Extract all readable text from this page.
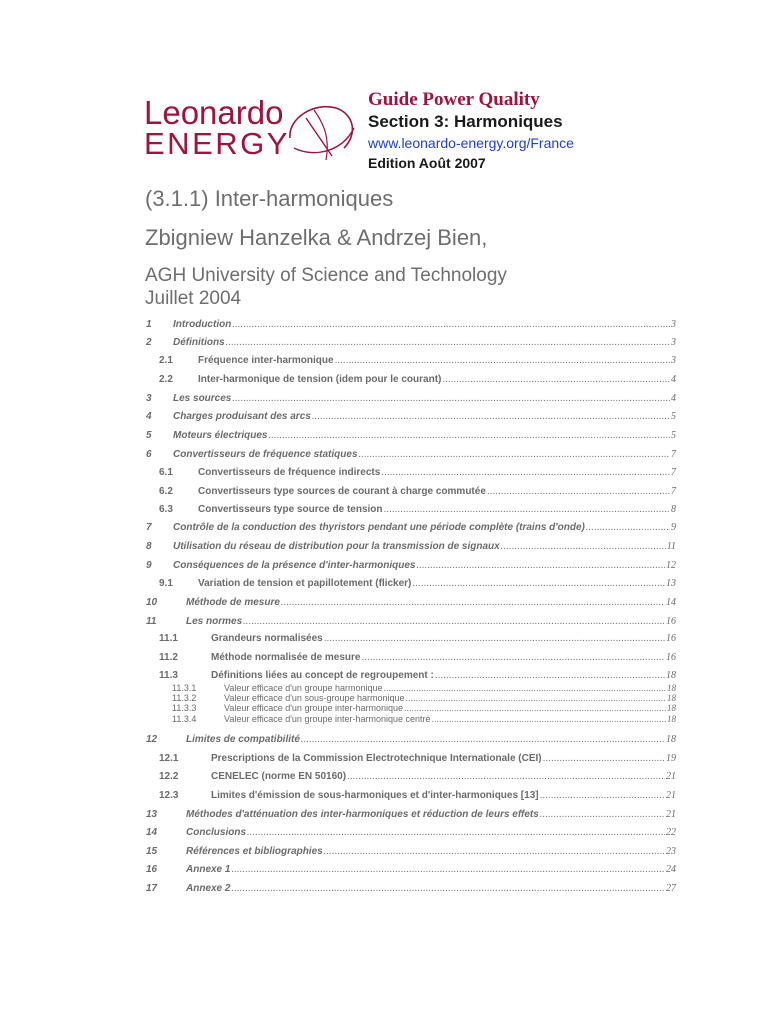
Leonardo
ENERGY
Guide Power Quality
Section 3: Harmoniques
www.leonardo-energy.org/France
Edition Août 2007
(3.1.1) Inter-harmoniques
Zbigniew Hanzelka & Andrzej Bien,
AGH University of Science and Technology
Juillet 2004
1	Introduction .....	3
2	Définitions .....	3
2.1	Fréquence inter-harmonique .....	3
2.2	Inter-harmonique de tension (idem pour le courant) .....	4
3	Les sources .....	4
4	Charges produisant des arcs .....	5
5	Moteurs électriques .....	5
6	Convertisseurs de fréquence statiques .....	7
6.1	Convertisseurs de fréquence indirects .....	7
6.2	Convertisseurs type sources de courant à charge commutée .....	7
6.3	Convertisseurs type source de tension .....	8
7	Contrôle de la conduction des thyristors pendant une période complète (trains d'onde) .....	9
8	Utilisation du réseau de distribution pour la transmission de signaux .....	11
9	Conséquences de la présence d'inter-harmoniques .....	12
9.1	Variation de tension et papillotement (flicker) .....	13
10	Méthode de mesure .....	14
11	Les normes .....	16
11.1	Grandeurs normalisées .....	16
11.2	Méthode normalisée de mesure .....	16
11.3	Définitions liées au concept de regroupement : .....	18
11.3.1	Valeur efficace d'un groupe harmonique .....	18
11.3.2	Valeur efficace d'un sous-groupe harmonique .....	18
11.3.3	Valeur efficace d'un groupe inter-harmonique .....	18
11.3.4	Valeur efficace d'un groupe inter-harmonique centré .....	18
12	Limites de compatibilité .....	18
12.1	Prescriptions de la Commission Electrotechnique Internationale (CEI) .....	19
12.2	CENELEC (norme EN 50160) .....	21
12.3	Limites d'émission de sous-harmoniques et d'inter-harmoniques [13] .....	21
13	Méthodes d'atténuation des inter-harmoniques et réduction de leurs effets .....	21
14	Conclusions .....	22
15	Références et bibliographies .....	23
16	Annexe 1 .....	24
17	Annexe 2 .....	27
